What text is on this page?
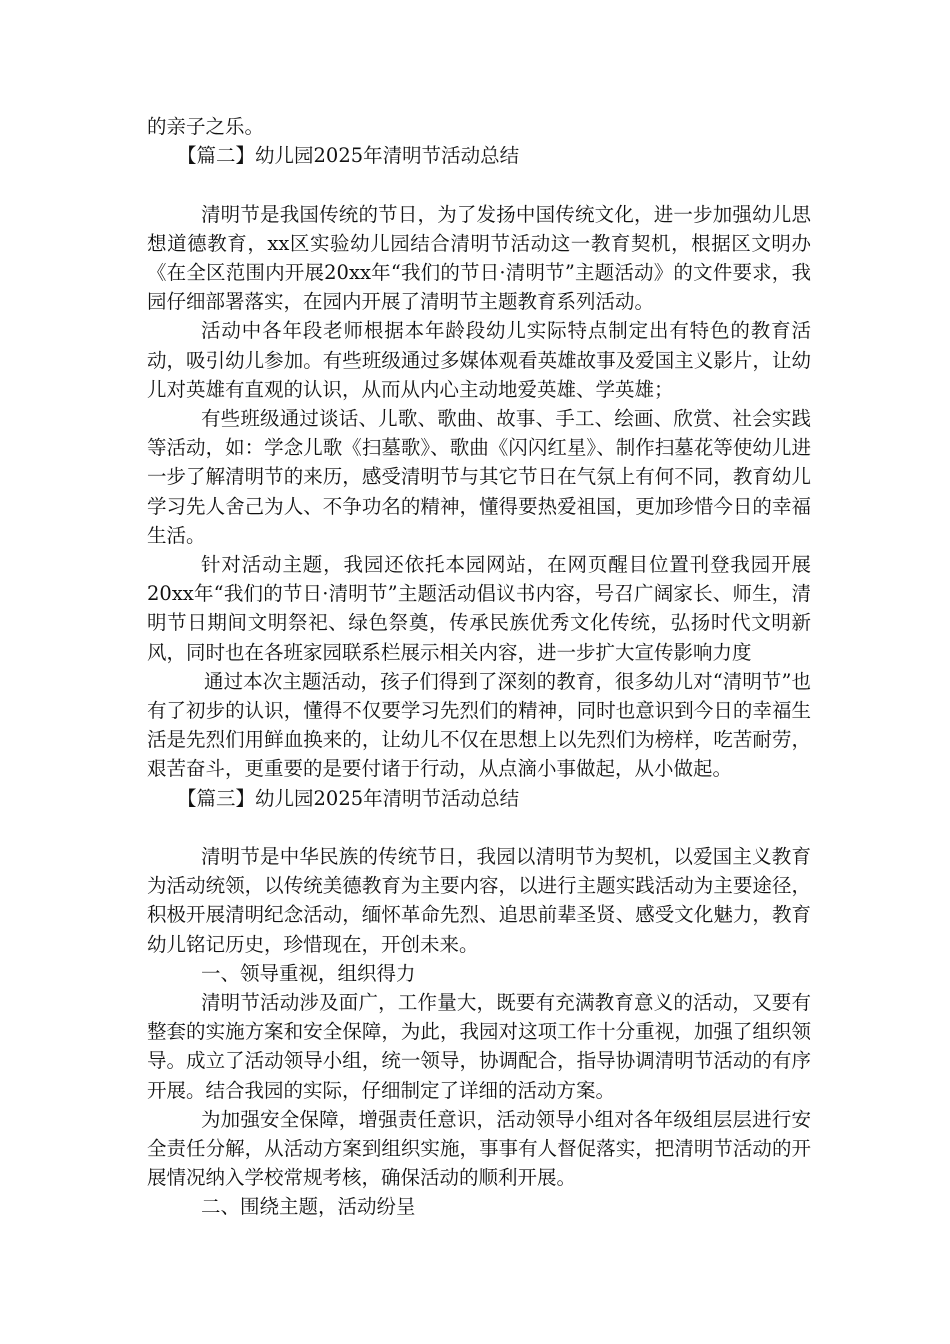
的亲子之乐。

【篇二】幼儿园2025年清明节活动总结

清明节是我国传统的节日，为了发扬中国传统文化，进一步加强幼儿思想道德教育，xx区实验幼儿园结合清明节活动这一教育契机，根据区文明办《在全区范围内开展20xx年“我们的节日·清明节”主题活动》的文件要求，我园仔细部署落实，在园内开展了清明节主题教育系列活动。

活动中各年段老师根据本年龄段幼儿实际特点制定出有特色的教育活动，吸引幼儿参加。有些班级通过多媒体观看英雄故事及爱国主义影片，让幼儿对英雄有直观的认识，从而从内心主动地爱英雄、学英雄；

有些班级通过谈话、儿歌、歌曲、故事、手工、绘画、欣赏、社会实践等活动，如：学念儿歌《扫墓歌》、歌曲《闪闪红星》、制作扫墓花等使幼儿进一步了解清明节的来历，感受清明节与其它节日在气氛上有何不同，教育幼儿学习先人舍己为人、不争功名的精神，懂得要热爱祖国，更加珍惜今日的幸福生活。

针对活动主题，我园还依托本园网站，在网页醒目位置刊登我园开展20xx年“我们的节日·清明节”主题活动倡议书内容，号召广阔家长、师生，清明节日期间文明祭祀、绿色祭奠，传承民族优秀文化传统，弘扬时代文明新风，同时也在各班家园联系栏展示相关内容，进一步扩大宣传影响力度

通过本次主题活动，孩子们得到了深刻的教育，很多幼儿对“清明节”也有了初步的认识，懂得不仅要学习先烈们的精神，同时也意识到今日的幸福生活是先烈们用鲜血换来的，让幼儿不仅在思想上以先烈们为榜样，吃苦耐劳，艰苦奋斗，更重要的是要付诸于行动，从点滴小事做起，从小做起。

【篇三】幼儿园2025年清明节活动总结

清明节是中华民族的传统节日，我园以清明节为契机，以爱国主义教育为活动统领，以传统美德教育为主要内容，以进行主题实践活动为主要途径，积极开展清明纪念活动，缅怀革命先烈、追思前辈圣贤、感受文化魅力，教育幼儿铭记历史，珍惜现在，开创未来。

一、领导重视，组织得力

清明节活动涉及面广，工作量大，既要有充满教育意义的活动，又要有整套的实施方案和安全保障，为此，我园对这项工作十分重视，加强了组织领导。成立了活动领导小组，统一领导，协调配合，指导协调清明节活动的有序开展。结合我园的实际，仔细制定了详细的活动方案。

为加强安全保障，增强责任意识，活动领导小组对各年级组层层进行安全责任分解，从活动方案到组织实施，事事有人督促落实，把清明节活动的开展情况纳入学校常规考核，确保活动的顺利开展。

二、围绕主题，活动纷呈
